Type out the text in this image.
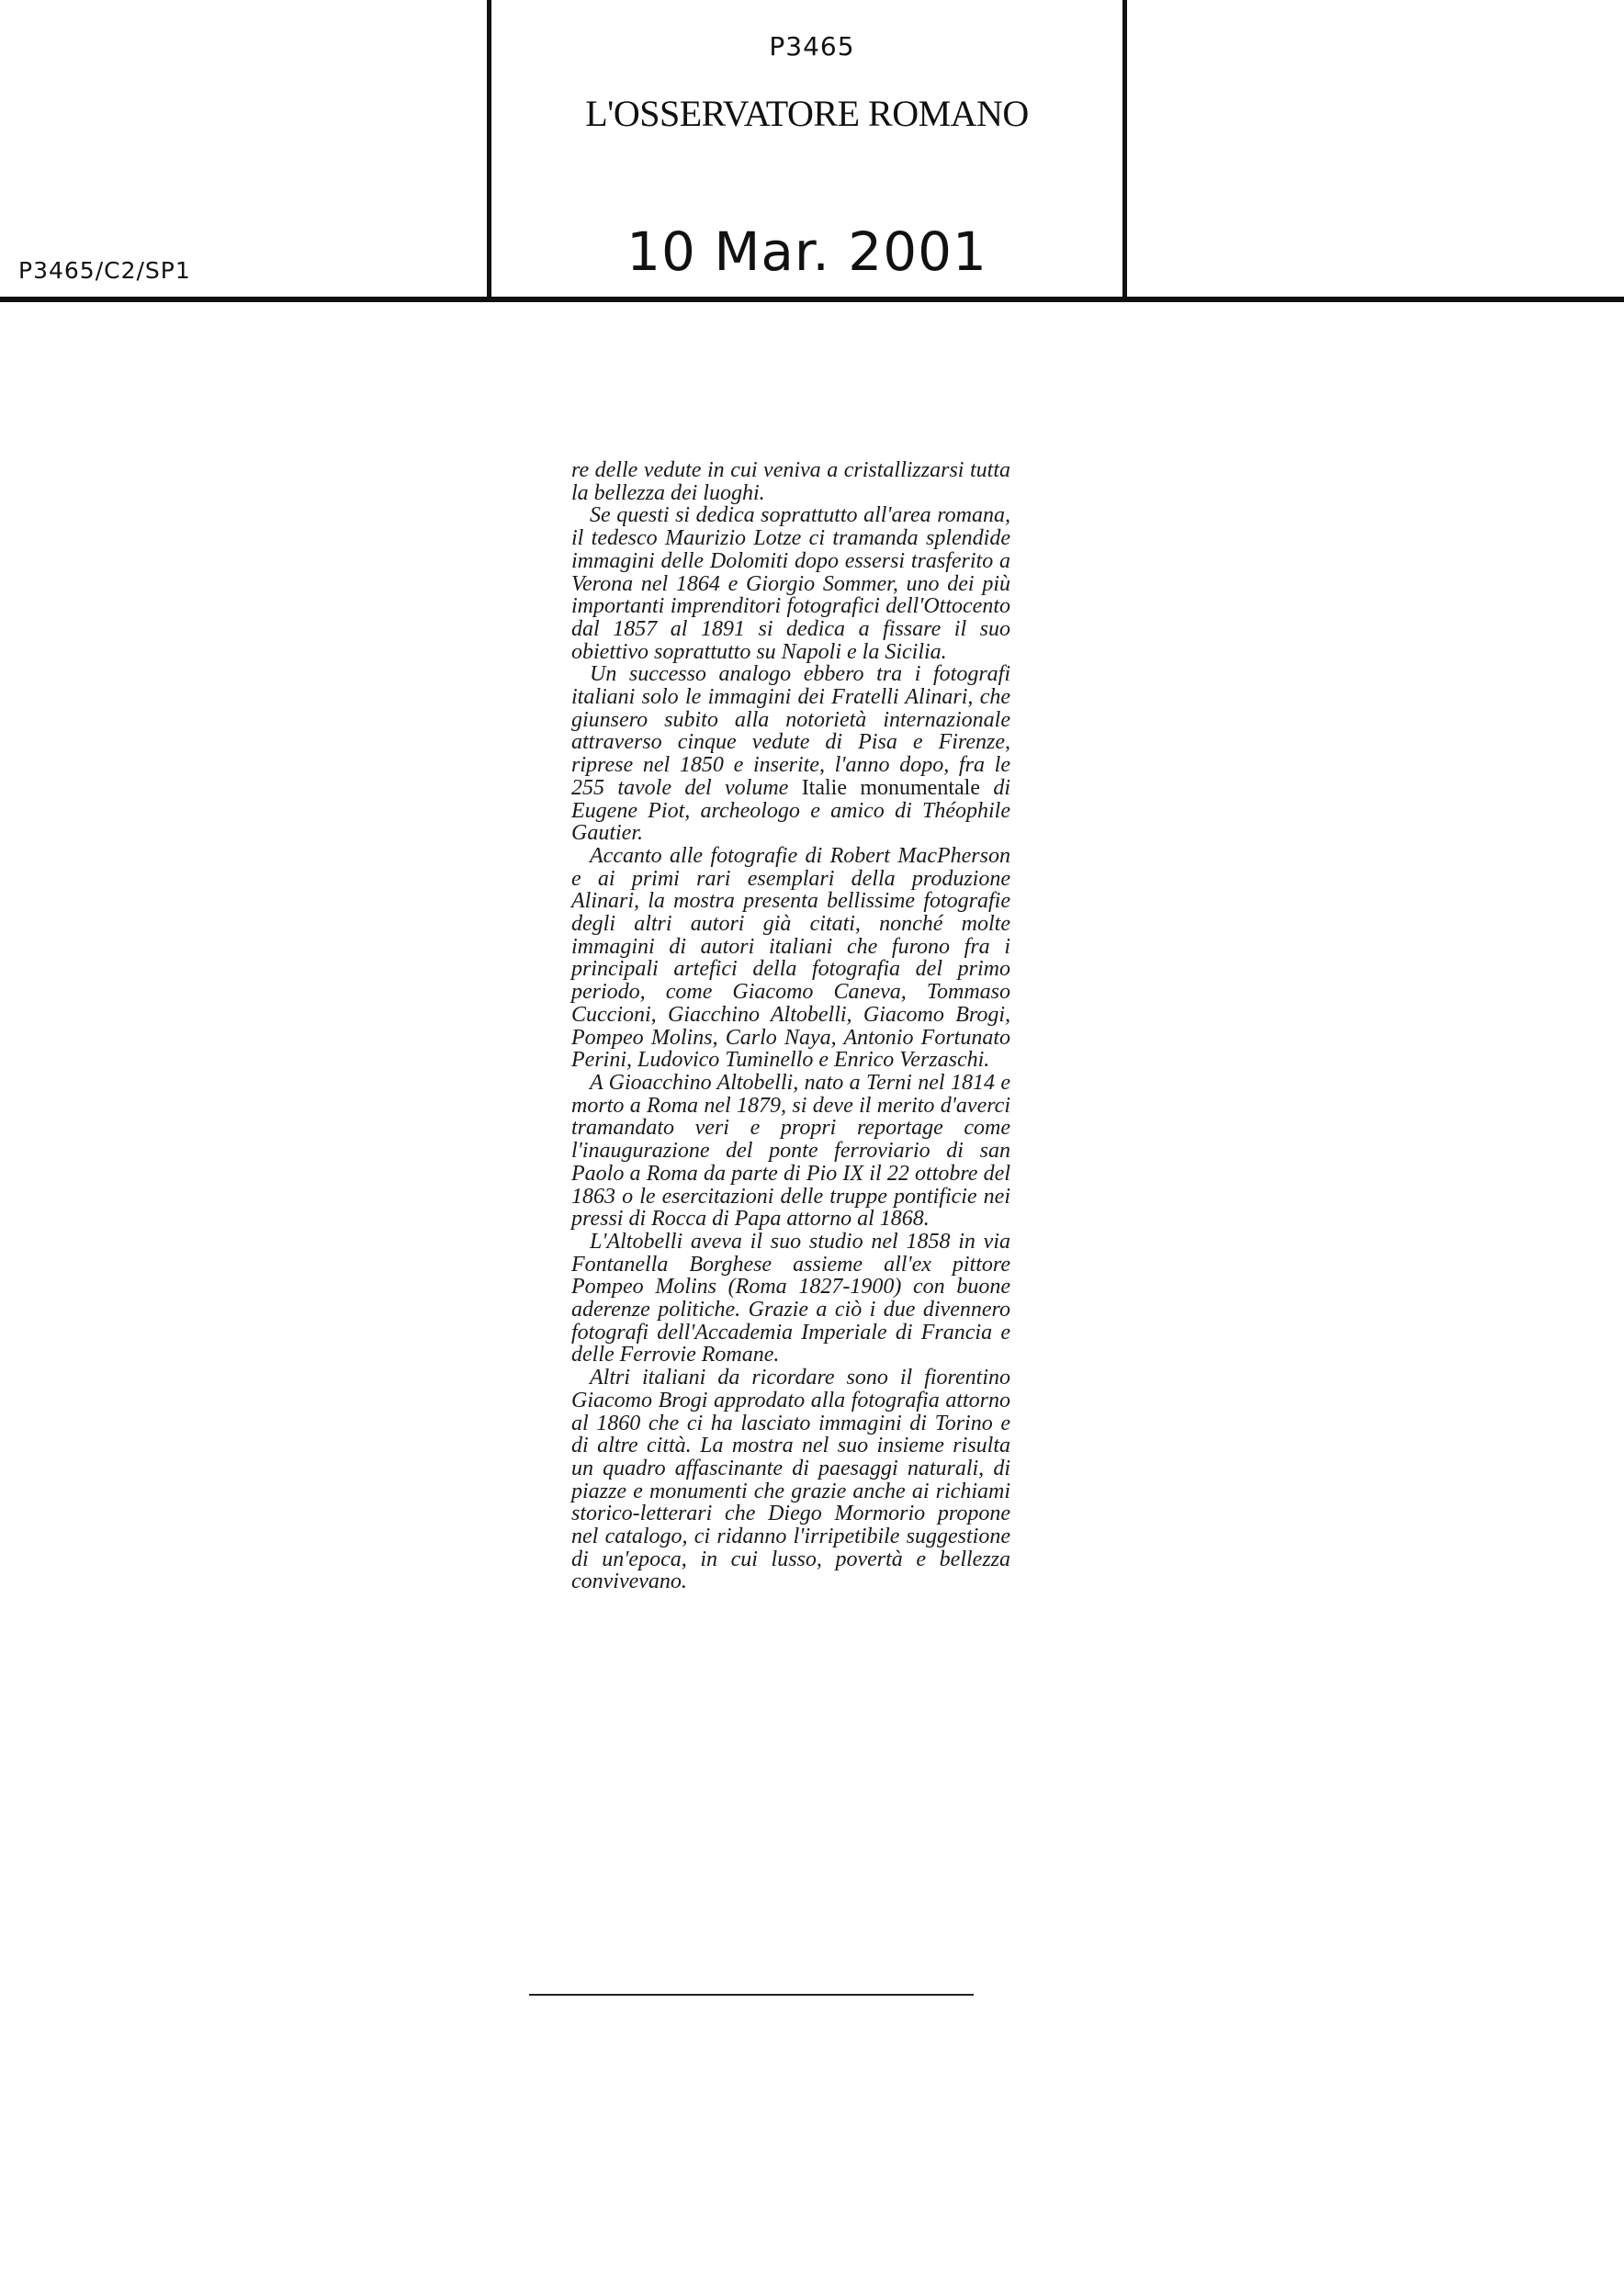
P3465
L'OSSERVATORE ROMANO
10 Mar. 2001
P3465/C2/SP1

re delle vedute in cui veniva a cristallizzarsi tutta la bellezza dei luoghi.

Se questi si dedica soprattutto all'area romana, il tedesco Maurizio Lotze ci tramanda splendide immagini delle Dolomiti dopo essersi trasferito a Verona nel 1864 e Giorgio Sommer, uno dei più importanti imprenditori fotografici dell'Ottocento dal 1857 al 1891 si dedica a fissare il suo obiettivo soprattutto su Napoli e la Sicilia.

Un successo analogo ebbero tra i fotografi italiani solo le immagini dei Fratelli Alinari, che giunsero subito alla notorietà internazionale attraverso cinque vedute di Pisa e Firenze, riprese nel 1850 e inserite, l'anno dopo, fra le 255 tavole del volume Italie monumentale di Eugene Piot, archeologo e amico di Théophile Gautier.

Accanto alle fotografie di Robert MacPherson e ai primi rari esemplari della produzione Alinari, la mostra presenta bellissime fotografie degli altri autori già citati, nonché molte immagini di autori italiani che furono fra i principali artefici della fotografia del primo periodo, come Giacomo Caneva, Tommaso Cuccioni, Giacchino Altobelli, Giacomo Brogi, Pompeo Molins, Carlo Naya, Antonio Fortunato Perini, Ludovico Tuminello e Enrico Verzaschi.

A Gioacchino Altobelli, nato a Terni nel 1814 e morto a Roma nel 1879, si deve il merito d'averci tramandato veri e propri reportage come l'inaugurazione del ponte ferroviario di san Paolo a Roma da parte di Pio IX il 22 ottobre del 1863 o le esercitazioni delle truppe pontificie nei pressi di Rocca di Papa attorno al 1868.

L'Altobelli aveva il suo studio nel 1858 in via Fontanella Borghese assieme all'ex pittore Pompeo Molins (Roma 1827-1900) con buone aderenze politiche. Grazie a ciò i due divennero fotografi dell'Accademia Imperiale di Francia e delle Ferrovie Romane.

Altri italiani da ricordare sono il fiorentino Giacomo Brogi approdato alla fotografia attorno al 1860 che ci ha lasciato immagini di Torino e di altre città. La mostra nel suo insieme risulta un quadro affascinante di paesaggi naturali, di piazze e monumenti che grazie anche ai richiami storico-letterari che Diego Mormorio propone nel catalogo, ci ridanno l'irripetibile suggestione di un'epoca, in cui lusso, povertà e bellezza convivevano.
